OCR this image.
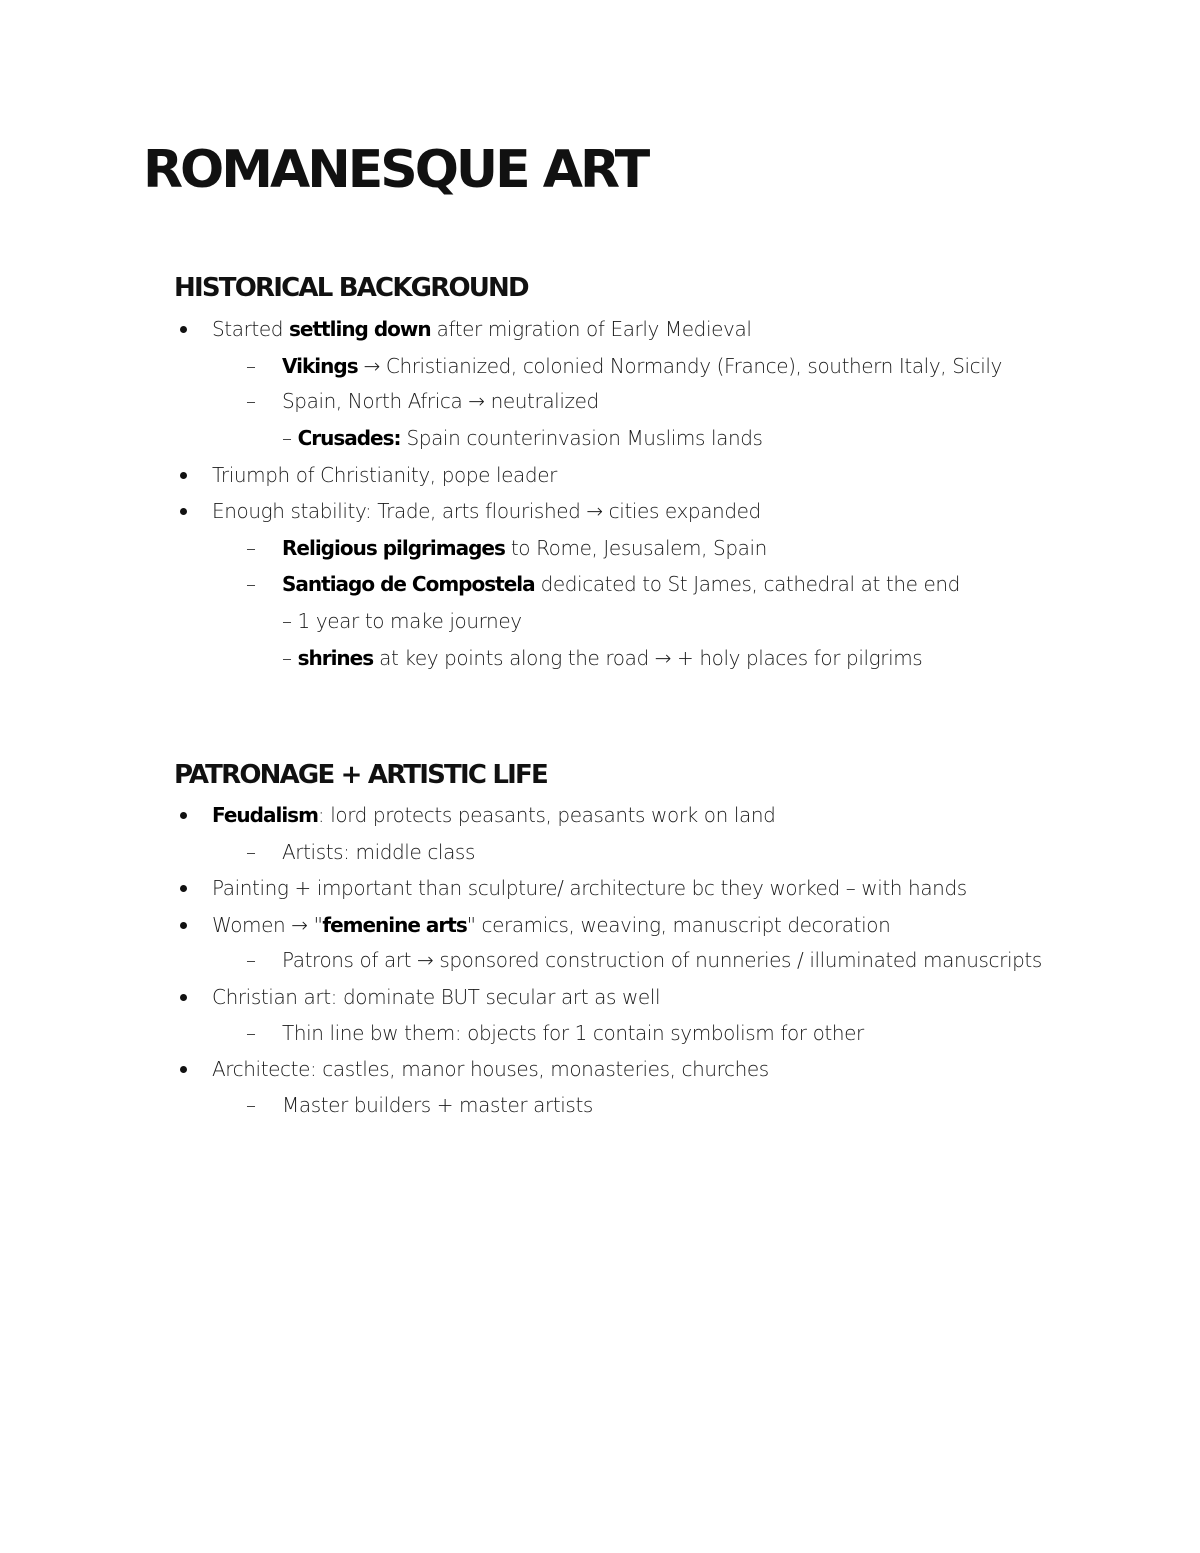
ROMANESQUE ART
HISTORICAL BACKGROUND
Started settling down after migration of Early Medieval
– Vikings → Christianized, colonied Normandy (France), southern Italy, Sicily
– Spain, North Africa → neutralized
– Crusades: Spain counterinvasion Muslims lands
Triumph of Christianity, pope leader
Enough stability: Trade, arts flourished → cities expanded
– Religious pilgrimages to Rome, Jesusalem, Spain
– Santiago de Compostela dedicated to St James, cathedral at the end
– 1 year to make journey
– shrines at key points along the road → + holy places for pilgrims
PATRONAGE + ARTISTIC LIFE
Feudalism: lord protects peasants, peasants work on land
– Artists: middle class
Painting + important than sculpture/ architecture bc they worked – with hands
Women → "femenine arts" ceramics, weaving, manuscript decoration
– Patrons of art → sponsored construction of nunneries / illuminated manuscripts
Christian art: dominate BUT secular art as well
– Thin line bw them: objects for 1 contain symbolism for other
Architecte: castles, manor houses, monasteries, churches
– Master builders + master artists
